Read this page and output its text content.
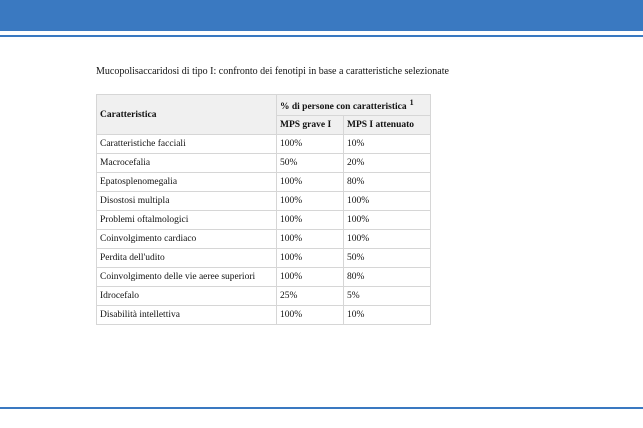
Mucopolisaccaridosi di tipo I: confronto dei fenotipi in base a caratteristiche selezionate
Caratteristica	% di persone con caratteristica $^1$
	MPS grave I	MPS I attenuato
Caratteristiche facciali	100%	10%
Macrocefalia	50%	20%
Epatosplenomegalia	100%	80%
Disostosi multipla	100%	100%
Problemi oftalmologici	100%	100%
Coinvolgimento cardiaco	100%	100%
Perdita dell'udito	100%	50%
Coinvolgimento delle vie aeree superiori	100%	80%
Idrocefalo	25%	5%
Disabilità intellettiva	100%	10%
